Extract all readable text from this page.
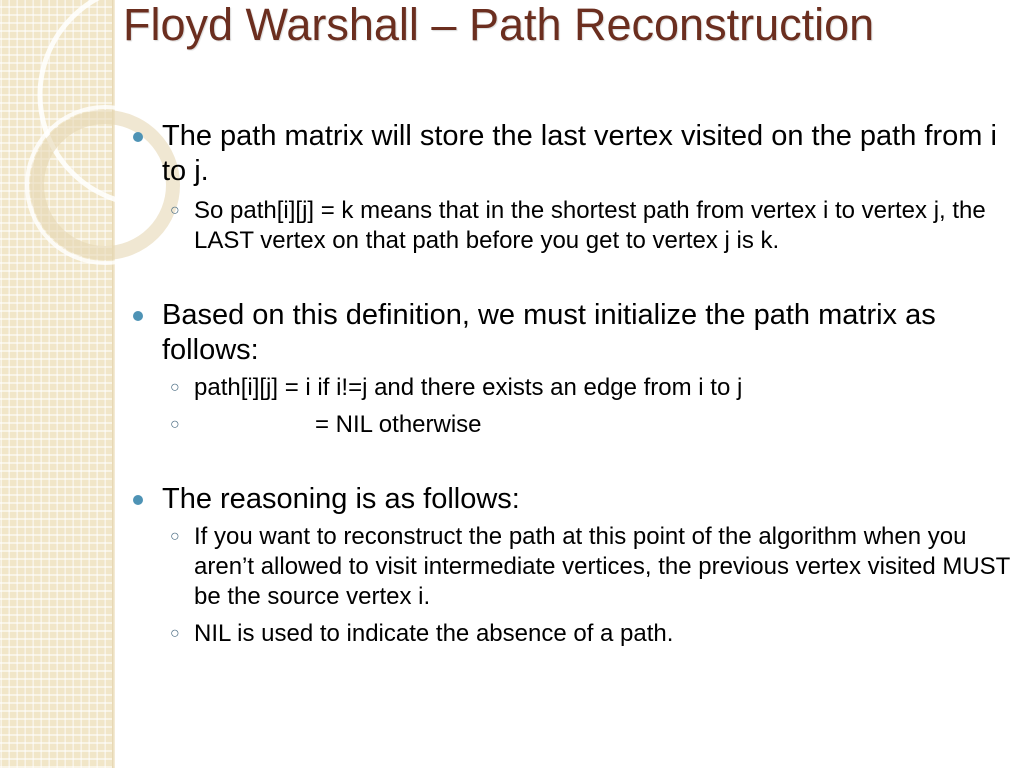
Floyd Warshall – Path Reconstruction
The path matrix will store the last vertex visited on the path from i to j.
○ So path[i][j] = k means that in the shortest path from vertex i to vertex j, the LAST vertex on that path before you get to vertex j is k.
Based on this definition, we must initialize the path matrix as follows:
○ path[i][j] = i if i!=j and there exists an edge from i to j
○	= NIL otherwise
The reasoning is as follows:
○ If you want to reconstruct the path at this point of the algorithm when you aren’t allowed to visit intermediate vertices, the previous vertex visited MUST be the source vertex i.
○ NIL is used to indicate the absence of a path.
